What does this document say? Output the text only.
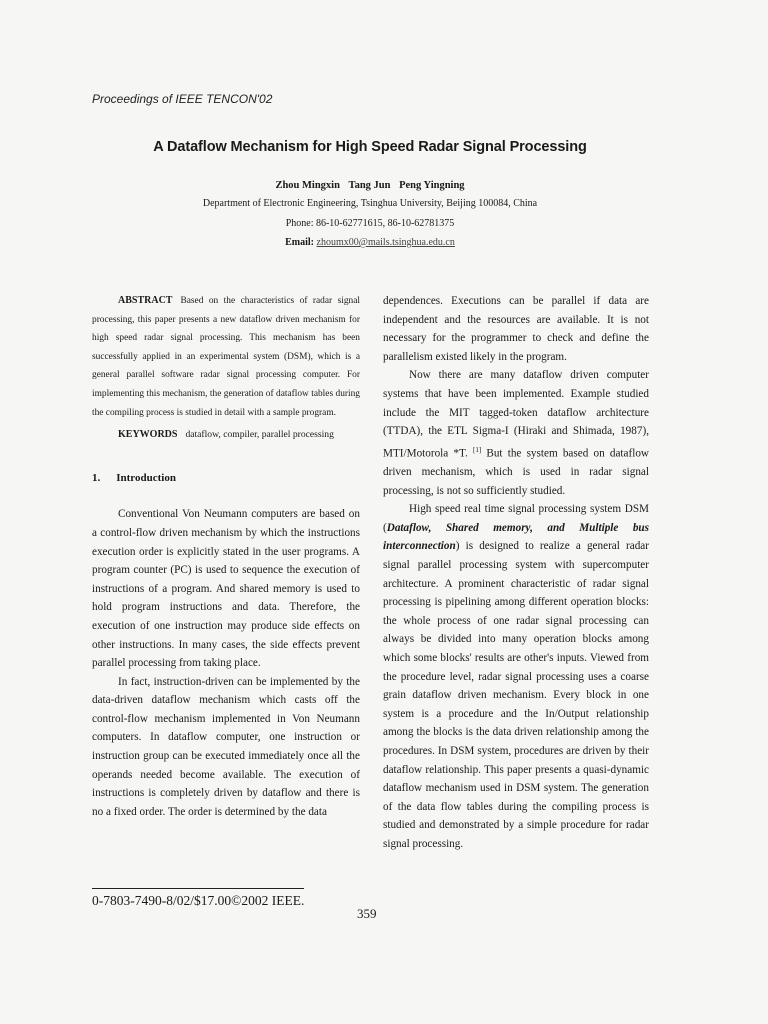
Proceedings of IEEE TENCON'02
A Dataflow Mechanism for High Speed Radar Signal Processing
Zhou Mingxin Tang Jun Peng Yingning
Department of Electronic Engineering, Tsinghua University, Beijing 100084, China
Phone: 86-10-62771615, 86-10-62781375
Email: zhoumx00@mails.tsinghua.edu.cn
ABSTRACT Based on the characteristics of radar signal processing, this paper presents a new dataflow driven mechanism for high speed radar signal processing. This mechanism has been successfully applied in an experimental system (DSM), which is a general parallel software radar signal processing computer. For implementing this mechanism, the generation of dataflow tables during the compiling process is studied in detail with a sample program.
KEYWORDS dataflow, compiler, parallel processing
1. Introduction

Conventional Von Neumann computers are based on a control-flow driven mechanism by which the instructions execution order is explicitly stated in the user programs. A program counter (PC) is used to sequence the execution of instructions of a program. And shared memory is used to hold program instructions and data. Therefore, the execution of one instruction may produce side effects on other instructions. In many cases, the side effects prevent parallel processing from taking place.

In fact, instruction-driven can be implemented by the data-driven dataflow mechanism which casts off the control-flow mechanism implemented in Von Neumann computers. In dataflow computer, one instruction or instruction group can be executed immediately once all the operands needed become available. The execution of instructions is completely driven by dataflow and there is no a fixed order. The order is determined by the data

dependences. Executions can be parallel if data are independent and the resources are available. It is not necessary for the programmer to check and define the parallelism existed likely in the program.

Now there are many dataflow driven computer systems that have been implemented. Example studied include the MIT tagged-token dataflow architecture (TTDA), the ETL Sigma-I (Hiraki and Shimada, 1987), MTI/Motorola *T. [1] But the system based on dataflow driven mechanism, which is used in radar signal processing, is not so sufficiently studied.

High speed real time signal processing system DSM (Dataflow, Shared memory, and Multiple bus interconnection) is designed to realize a general radar signal parallel processing system with supercomputer architecture. A prominent characteristic of radar signal processing is pipelining among different operation blocks: the whole process of one radar signal processing can always be divided into many operation blocks among which some blocks' results are other's inputs. Viewed from the procedure level, radar signal processing uses a coarse grain dataflow driven mechanism. Every block in one system is a procedure and the In/Output relationship among the blocks is the data driven relationship among the procedures. In DSM system, procedures are driven by their dataflow relationship. This paper presents a quasi-dynamic dataflow mechanism used in DSM system. The generation of the data flow tables during the compiling process is studied and demonstrated by a simple procedure for radar signal processing.

0-7803-7490-8/02/$17.00©2002 IEEE.
359
